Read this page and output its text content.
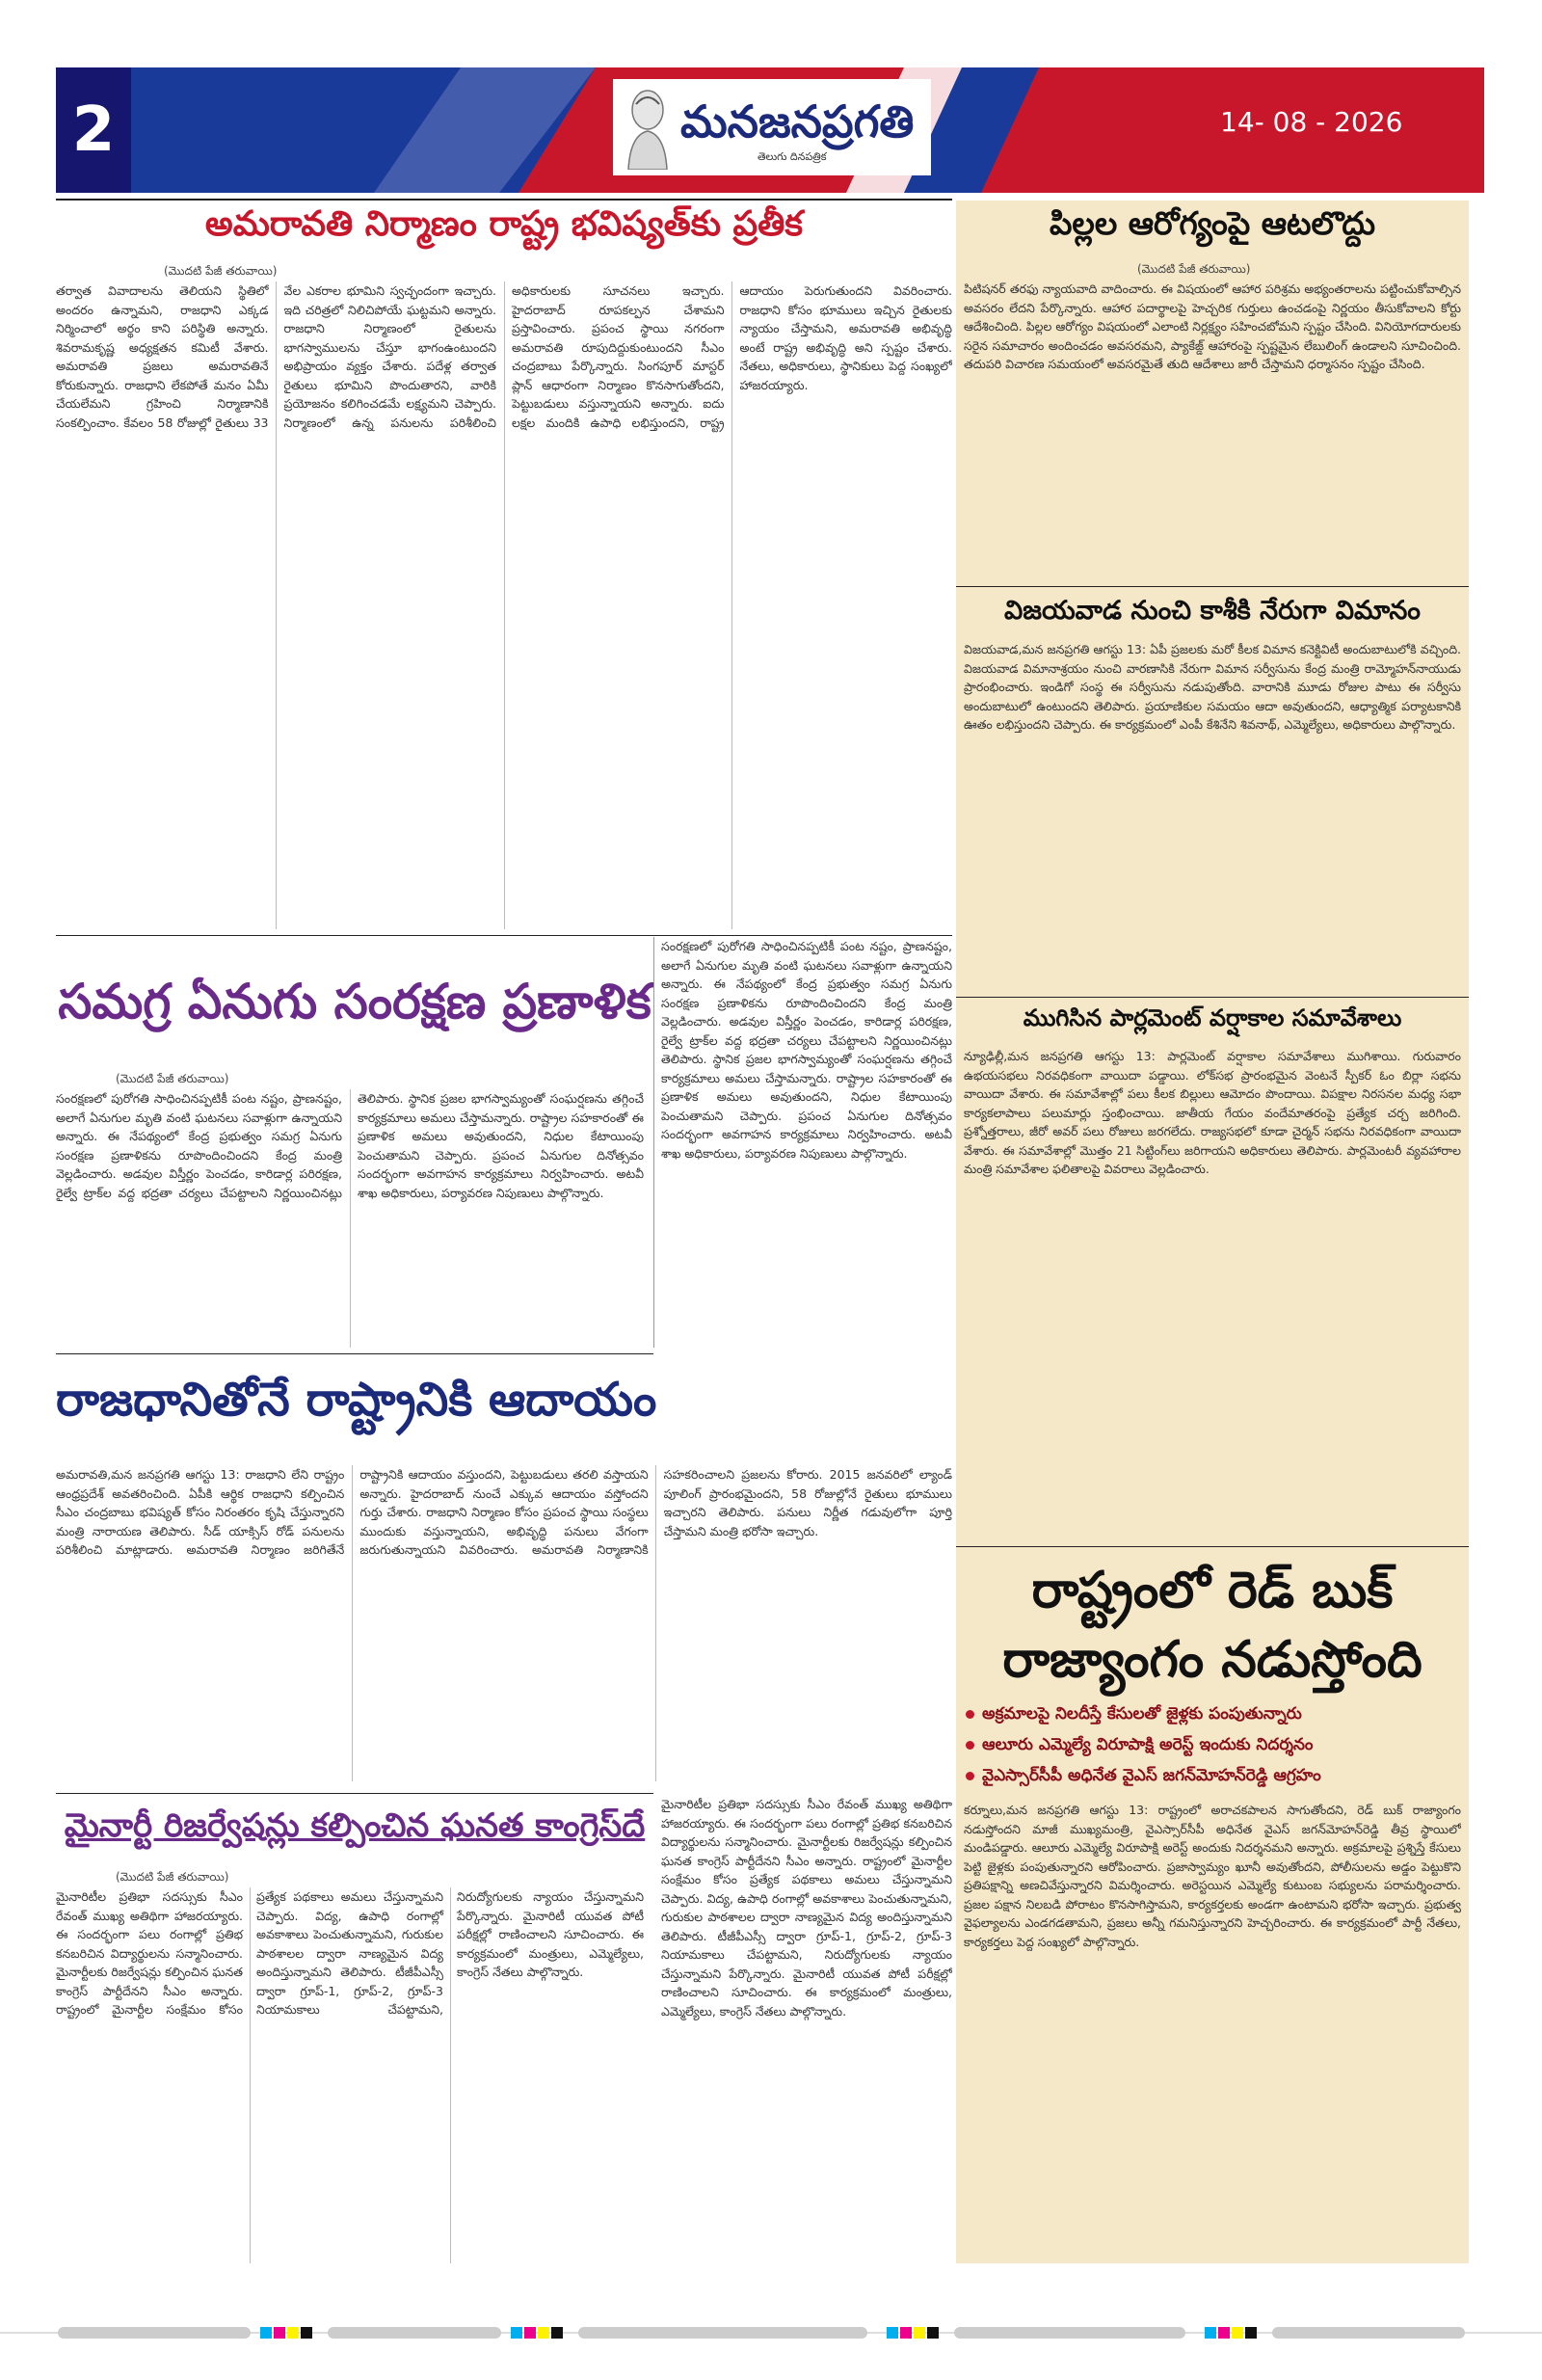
2	మనజనప్రగతి
తెలుగు దినపత్రిక
14- 08 - 2026
అమరావతి నిర్మాణం రాష్ట్ర భవిష్యత్‌కు ప్రతీక
(మొదటి పేజీ తరువాయి)
తర్వాత వివాదాలను తెలియని స్థితిలో అందరం ఉన్నామని, రాజధాని ఎక్కడ నిర్మించాలో అర్థం కాని పరిస్థితి అన్నారు. శివరామకృష్ణ అధ్యక్షతన కమిటీ వేశారు. అమరావతి ప్రజలు అమరావతినే కోరుకున్నారు. రాజధాని లేకపోతే మనం ఏమీ చేయలేమని గ్రహించి నిర్మాణానికి సంకల్పించాం. కేవలం 58 రోజుల్లో రైతులు 33 వేల ఎకరాల భూమిని స్వచ్ఛందంగా ఇచ్చారు. ఇది చరిత్రలో నిలిచిపోయే ఘట్టమని అన్నారు. రాజధాని నిర్మాణంలో రైతులను భాగస్వాములను చేస్తూ భాగంఉంటుందని అభిప్రాయం వ్యక్తం చేశారు. పదేళ్ల తర్వాత రైతులు భూమిని పొందుతారని, వారికి ప్రయోజనం కలిగించడమే లక్ష్యమని చెప్పారు. నిర్మాణంలో ఉన్న పనులను పరిశీలించి అధికారులకు సూచనలు ఇచ్చారు. హైదరాబాద్ రూపకల్పన చేశామని ప్రస్తావించారు. ప్రపంచ స్థాయి నగరంగా అమరావతి రూపుదిద్దుకుంటుందని సీఎం చంద్రబాబు పేర్కొన్నారు. సింగపూర్ మాస్టర్ ప్లాన్ ఆధారంగా నిర్మాణం కొనసాగుతోందని, పెట్టుబడులు వస్తున్నాయని అన్నారు. ఐదు లక్షల మందికి ఉపాధి లభిస్తుందని, రాష్ట్ర ఆదాయం పెరుగుతుందని వివరించారు. రాజధాని కోసం భూములు ఇచ్చిన రైతులకు న్యాయం చేస్తామని, అమరావతి అభివృద్ధి అంటే రాష్ట్ర అభివృద్ధి అని స్పష్టం చేశారు. నేతలు, అధికారులు, స్థానికులు పెద్ద సంఖ్యలో హాజరయ్యారు.
సమగ్ర ఏనుగు సంరక్షణ ప్రణాళిక
(మొదటి పేజీ తరువాయి)
సంరక్షణలో పురోగతి సాధించినప్పటికీ పంట నష్టం, ప్రాణనష్టం, అలాగే ఏనుగుల మృతి వంటి ఘటనలు సవాళ్లుగా ఉన్నాయని అన్నారు. ఈ నేపథ్యంలో కేంద్ర ప్రభుత్వం సమగ్ర ఏనుగు సంరక్షణ ప్రణాళికను రూపొందించిందని కేంద్ర మంత్రి వెల్లడించారు. అడవుల విస్తీర్ణం పెంచడం, కారిడార్ల పరిరక్షణ, రైల్వే ట్రాక్‌ల వద్ద భద్రతా చర్యలు చేపట్టాలని నిర్ణయించినట్లు తెలిపారు. స్థానిక ప్రజల భాగస్వామ్యంతో సంఘర్షణను తగ్గించే కార్యక్రమాలు అమలు చేస్తామన్నారు. రాష్ట్రాల సహకారంతో ఈ ప్రణాళిక అమలు అవుతుందని, నిధుల కేటాయింపు పెంచుతామని చెప్పారు. ప్రపంచ ఏనుగుల దినోత్సవం సందర్భంగా అవగాహన కార్యక్రమాలు నిర్వహించారు. అటవీ శాఖ అధికారులు, పర్యావరణ నిపుణులు పాల్గొన్నారు.
సంరక్షణలో పురోగతి సాధించినప్పటికీ పంట నష్టం, ప్రాణనష్టం, అలాగే ఏనుగుల మృతి వంటి ఘటనలు సవాళ్లుగా ఉన్నాయని అన్నారు. ఈ నేపథ్యంలో కేంద్ర ప్రభుత్వం సమగ్ర ఏనుగు సంరక్షణ ప్రణాళికను రూపొందించిందని కేంద్ర మంత్రి వెల్లడించారు. అడవుల విస్తీర్ణం పెంచడం, కారిడార్ల పరిరక్షణ, రైల్వే ట్రాక్‌ల వద్ద భద్రతా చర్యలు చేపట్టాలని నిర్ణయించినట్లు తెలిపారు. స్థానిక ప్రజల భాగస్వామ్యంతో సంఘర్షణను తగ్గించే కార్యక్రమాలు అమలు చేస్తామన్నారు. రాష్ట్రాల సహకారంతో ఈ ప్రణాళిక అమలు అవుతుందని, నిధుల కేటాయింపు పెంచుతామని చెప్పారు. ప్రపంచ ఏనుగుల దినోత్సవం సందర్భంగా అవగాహన కార్యక్రమాలు నిర్వహించారు. అటవీ శాఖ అధికారులు, పర్యావరణ నిపుణులు పాల్గొన్నారు.
రాజధానితోనే రాష్ట్రానికి ఆదాయం
అమరావతి,మన జనప్రగతి ఆగస్టు 13: రాజధాని లేని రాష్ట్రం ఆంధ్రప్రదేశ్ అవతరించింది. ఏపీకి ఆర్థిక రాజధాని కల్పించిన సీఎం చంద్రబాబు భవిష్యత్ కోసం నిరంతరం కృషి చేస్తున్నారని మంత్రి నారాయణ తెలిపారు. సీడ్ యాక్సిస్ రోడ్ పనులను పరిశీలించి మాట్లాడారు. అమరావతి నిర్మాణం జరిగితేనే రాష్ట్రానికి ఆదాయం వస్తుందని, పెట్టుబడులు తరలి వస్తాయని అన్నారు. హైదరాబాద్ నుంచే ఎక్కువ ఆదాయం వస్తోందని గుర్తు చేశారు. రాజధాని నిర్మాణం కోసం ప్రపంచ స్థాయి సంస్థలు ముందుకు వస్తున్నాయని, అభివృద్ధి పనులు వేగంగా జరుగుతున్నాయని వివరించారు. అమరావతి నిర్మాణానికి సహకరించాలని ప్రజలను కోరారు. 2015 జనవరిలో ల్యాండ్ పూలింగ్ ప్రారంభమైందని, 58 రోజుల్లోనే రైతులు భూములు ఇచ్చారని తెలిపారు. పనులు నిర్ణీత గడువులోగా పూర్తి చేస్తామని మంత్రి భరోసా ఇచ్చారు.
మైనార్టీ రిజర్వేషన్లు కల్పించిన ఘనత కాంగ్రెస్‌దే
(మొదటి పేజీ తరువాయి)
మైనారిటీల ప్రతిభా సదస్సుకు సీఎం రేవంత్ ముఖ్య అతిథిగా హాజరయ్యారు. ఈ సందర్భంగా పలు రంగాల్లో ప్రతిభ కనబరిచిన విద్యార్థులను సన్మానించారు. మైనార్టీలకు రిజర్వేషన్లు కల్పించిన ఘనత కాంగ్రెస్ పార్టీదేనని సీఎం అన్నారు. రాష్ట్రంలో మైనార్టీల సంక్షేమం కోసం ప్రత్యేక పథకాలు అమలు చేస్తున్నామని చెప్పారు. విద్య, ఉపాధి రంగాల్లో అవకాశాలు పెంచుతున్నామని, గురుకుల పాఠశాలల ద్వారా నాణ్యమైన విద్య అందిస్తున్నామని తెలిపారు. టీజీపీఎస్సీ ద్వారా గ్రూప్-1, గ్రూప్-2, గ్రూప్-3 నియామకాలు చేపట్టామని, నిరుద్యోగులకు న్యాయం చేస్తున్నామని పేర్కొన్నారు. మైనారిటీ యువత పోటీ పరీక్షల్లో రాణించాలని సూచించారు. ఈ కార్యక్రమంలో మంత్రులు, ఎమ్మెల్యేలు, కాంగ్రెస్ నేతలు పాల్గొన్నారు.
మైనారిటీల ప్రతిభా సదస్సుకు సీఎం రేవంత్ ముఖ్య అతిథిగా హాజరయ్యారు. ఈ సందర్భంగా పలు రంగాల్లో ప్రతిభ కనబరిచిన విద్యార్థులను సన్మానించారు. మైనార్టీలకు రిజర్వేషన్లు కల్పించిన ఘనత కాంగ్రెస్ పార్టీదేనని సీఎం అన్నారు. రాష్ట్రంలో మైనార్టీల సంక్షేమం కోసం ప్రత్యేక పథకాలు అమలు చేస్తున్నామని చెప్పారు. విద్య, ఉపాధి రంగాల్లో అవకాశాలు పెంచుతున్నామని, గురుకుల పాఠశాలల ద్వారా నాణ్యమైన విద్య అందిస్తున్నామని తెలిపారు. టీజీపీఎస్సీ ద్వారా గ్రూప్-1, గ్రూప్-2, గ్రూప్-3 నియామకాలు చేపట్టామని, నిరుద్యోగులకు న్యాయం చేస్తున్నామని పేర్కొన్నారు. మైనారిటీ యువత పోటీ పరీక్షల్లో రాణించాలని సూచించారు. ఈ కార్యక్రమంలో మంత్రులు, ఎమ్మెల్యేలు, కాంగ్రెస్ నేతలు పాల్గొన్నారు.
పిల్లల ఆరోగ్యంపై ఆటలొద్దు
(మొదటి పేజీ తరువాయి)
పిటిషనర్ తరఫు న్యాయవాది వాదించారు. ఈ విషయంలో ఆహార పరిశ్రమ అభ్యంతరాలను పట్టించుకోవాల్సిన అవసరం లేదని పేర్కొన్నారు. ఆహార పదార్థాలపై హెచ్చరిక గుర్తులు ఉంచడంపై నిర్ణయం తీసుకోవాలని కోర్టు ఆదేశించింది. పిల్లల ఆరోగ్యం విషయంలో ఎలాంటి నిర్లక్ష్యం సహించబోమని స్పష్టం చేసింది. వినియోగదారులకు సరైన సమాచారం అందించడం అవసరమని, ప్యాకేజ్డ్ ఆహారంపై స్పష్టమైన లేబులింగ్ ఉండాలని సూచించింది. తదుపరి విచారణ సమయంలో అవసరమైతే తుది ఆదేశాలు జారీ చేస్తామని ధర్మాసనం స్పష్టం చేసింది.
విజయవాడ నుంచి కాశీకి నేరుగా విమానం
విజయవాడ,మన జనప్రగతి ఆగస్టు 13: ఏపీ ప్రజలకు మరో కీలక విమాన కనెక్టివిటీ అందుబాటులోకి వచ్చింది. విజయవాడ విమానాశ్రయం నుంచి వారణాసికి నేరుగా విమాన సర్వీసును కేంద్ర మంత్రి రామ్మోహన్‌నాయుడు ప్రారంభించారు. ఇండిగో సంస్థ ఈ సర్వీసును నడుపుతోంది. వారానికి మూడు రోజుల పాటు ఈ సర్వీసు అందుబాటులో ఉంటుందని తెలిపారు. ప్రయాణికుల సమయం ఆదా అవుతుందని, ఆధ్యాత్మిక పర్యాటకానికి ఊతం లభిస్తుందని చెప్పారు. ఈ కార్యక్రమంలో ఎంపీ కేశినేని శివనాథ్, ఎమ్మెల్యేలు, అధికారులు పాల్గొన్నారు.
ముగిసిన పార్లమెంట్ వర్షాకాల సమావేశాలు
న్యూఢిల్లీ,మన జనప్రగతి ఆగస్టు 13: పార్లమెంట్ వర్షాకాల సమావేశాలు ముగిశాయి. గురువారం ఉభయసభలు నిరవధికంగా వాయిదా పడ్డాయి. లోక్‌సభ ప్రారంభమైన వెంటనే స్పీకర్ ఓం బిర్లా సభను వాయిదా వేశారు. ఈ సమావేశాల్లో పలు కీలక బిల్లులు ఆమోదం పొందాయి. విపక్షాల నిరసనల మధ్య సభా కార్యకలాపాలు పలుమార్లు స్తంభించాయి. జాతీయ గేయం వందేమాతరంపై ప్రత్యేక చర్చ జరిగింది. ప్రశ్నోత్తరాలు, జీరో అవర్ పలు రోజులు జరగలేదు. రాజ్యసభలో కూడా చైర్మన్ సభను నిరవధికంగా వాయిదా వేశారు. ఈ సమావేశాల్లో మొత్తం 21 సిట్టింగ్‌లు జరిగాయని అధికారులు తెలిపారు. పార్లమెంటరీ వ్యవహారాల మంత్రి సమావేశాల ఫలితాలపై వివరాలు వెల్లడించారు.
రాష్ట్రంలో రెడ్ బుక్ రాజ్యాంగం నడుస్తోంది
అక్రమాలపై నిలదీస్తే కేసులతో జైళ్లకు పంపుతున్నారు
ఆలూరు ఎమ్మెల్యే విరూపాక్షి అరెస్ట్ ఇందుకు నిదర్శనం
వైఎస్సార్‌సీపీ అధినేత వైఎస్ జగన్‌మోహన్‌రెడ్డి ఆగ్రహం
కర్నూలు,మన జనప్రగతి ఆగస్టు 13: రాష్ట్రంలో అరాచకపాలన సాగుతోందని, రెడ్ బుక్ రాజ్యాంగం నడుస్తోందని మాజీ ముఖ్యమంత్రి, వైఎస్సార్‌సీపీ అధినేత వైఎస్ జగన్‌మోహన్‌రెడ్డి తీవ్ర స్థాయిలో మండిపడ్డారు. ఆలూరు ఎమ్మెల్యే విరూపాక్షి అరెస్ట్ అందుకు నిదర్శనమని అన్నారు. అక్రమాలపై ప్రశ్నిస్తే కేసులు పెట్టి జైళ్లకు పంపుతున్నారని ఆరోపించారు. ప్రజాస్వామ్యం ఖూనీ అవుతోందని, పోలీసులను అడ్డం పెట్టుకొని ప్రతిపక్షాన్ని అణచివేస్తున్నారని విమర్శించారు. అరెస్టయిన ఎమ్మెల్యే కుటుంబ సభ్యులను పరామర్శించారు. ప్రజల పక్షాన నిలబడి పోరాటం కొనసాగిస్తామని, కార్యకర్తలకు అండగా ఉంటామని భరోసా ఇచ్చారు. ప్రభుత్వ వైఫల్యాలను ఎండగడతామని, ప్రజలు అన్నీ గమనిస్తున్నారని హెచ్చరించారు. ఈ కార్యక్రమంలో పార్టీ నేతలు, కార్యకర్తలు పెద్ద సంఖ్యలో పాల్గొన్నారు.
